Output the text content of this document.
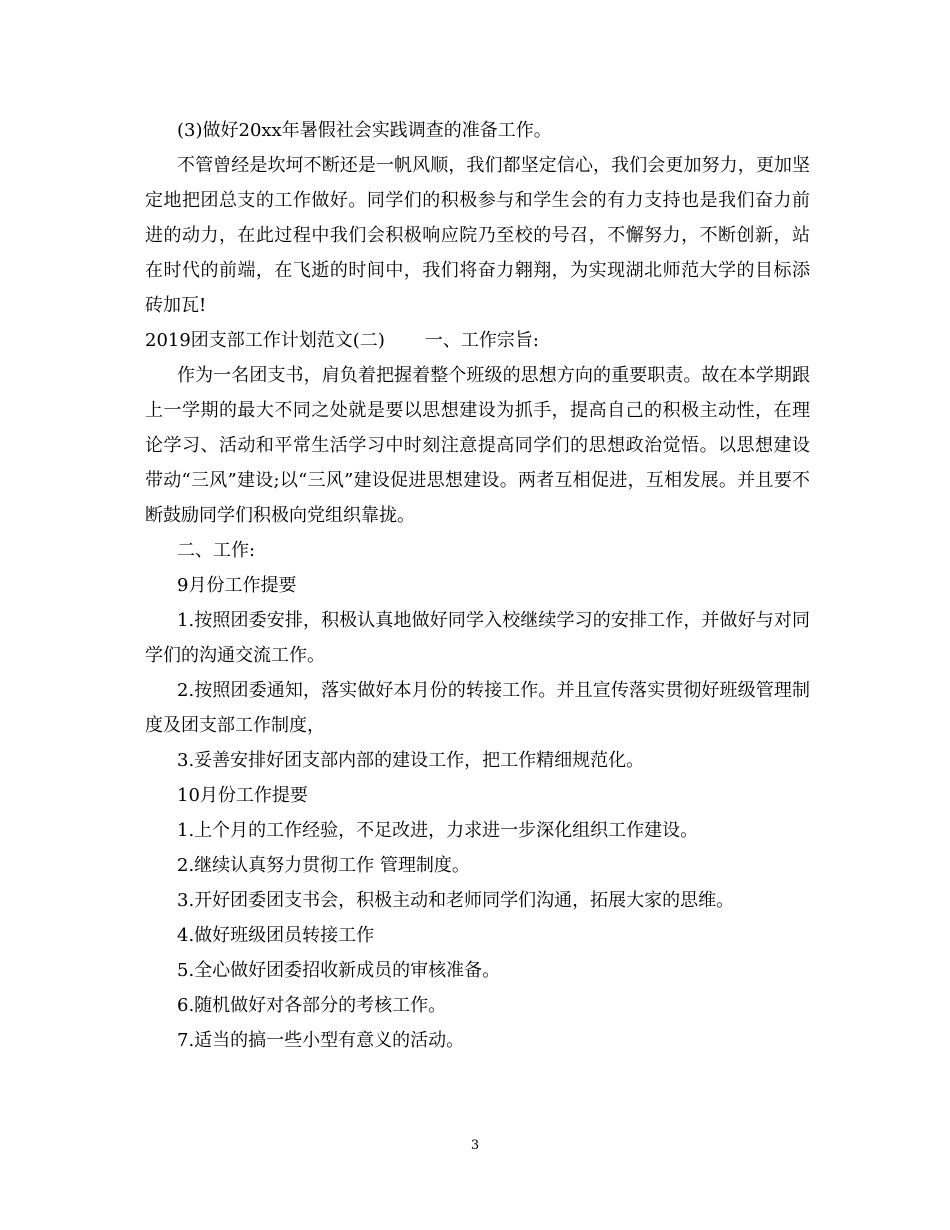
(3)做好20xx年暑假社会实践调查的准备工作。

不管曾经是坎坷不断还是一帆风顺，我们都坚定信心，我们会更加努力，更加坚定地把团总支的工作做好。同学们的积极参与和学生会的有力支持也是我们奋力前进的动力，在此过程中我们会积极响应院乃至校的号召，不懈努力，不断创新，站在时代的前端，在飞逝的时间中，我们将奋力翱翔，为实现湖北师范大学的目标添砖加瓦!

2019团支部工作计划范文(二) 一、工作宗旨:

作为一名团支书，肩负着把握着整个班级的思想方向的重要职责。故在本学期跟上一学期的最大不同之处就是要以思想建设为抓手，提高自己的积极主动性，在理论学习、活动和平常生活学习中时刻注意提高同学们的思想政治觉悟。以思想建设带动“三风”建设;以“三风”建设促进思想建设。两者互相促进，互相发展。并且要不断鼓励同学们积极向党组织靠拢。

二、工作:

9月份工作提要

1.按照团委安排，积极认真地做好同学入校继续学习的安排工作，并做好与对同学们的沟通交流工作。

2.按照团委通知，落实做好本月份的转接工作。并且宣传落实贯彻好班级管理制度及团支部工作制度，

3.妥善安排好团支部内部的建设工作，把工作精细规范化。

10月份工作提要

1.上个月的工作经验，不足改进，力求进一步深化组织工作建设。

2.继续认真努力贯彻工作 管理制度。

3.开好团委团支书会，积极主动和老师同学们沟通，拓展大家的思维。

4.做好班级团员转接工作

5.全心做好团委招收新成员的审核准备。

6.随机做好对各部分的考核工作。

7.适当的搞一些小型有意义的活动。

3
